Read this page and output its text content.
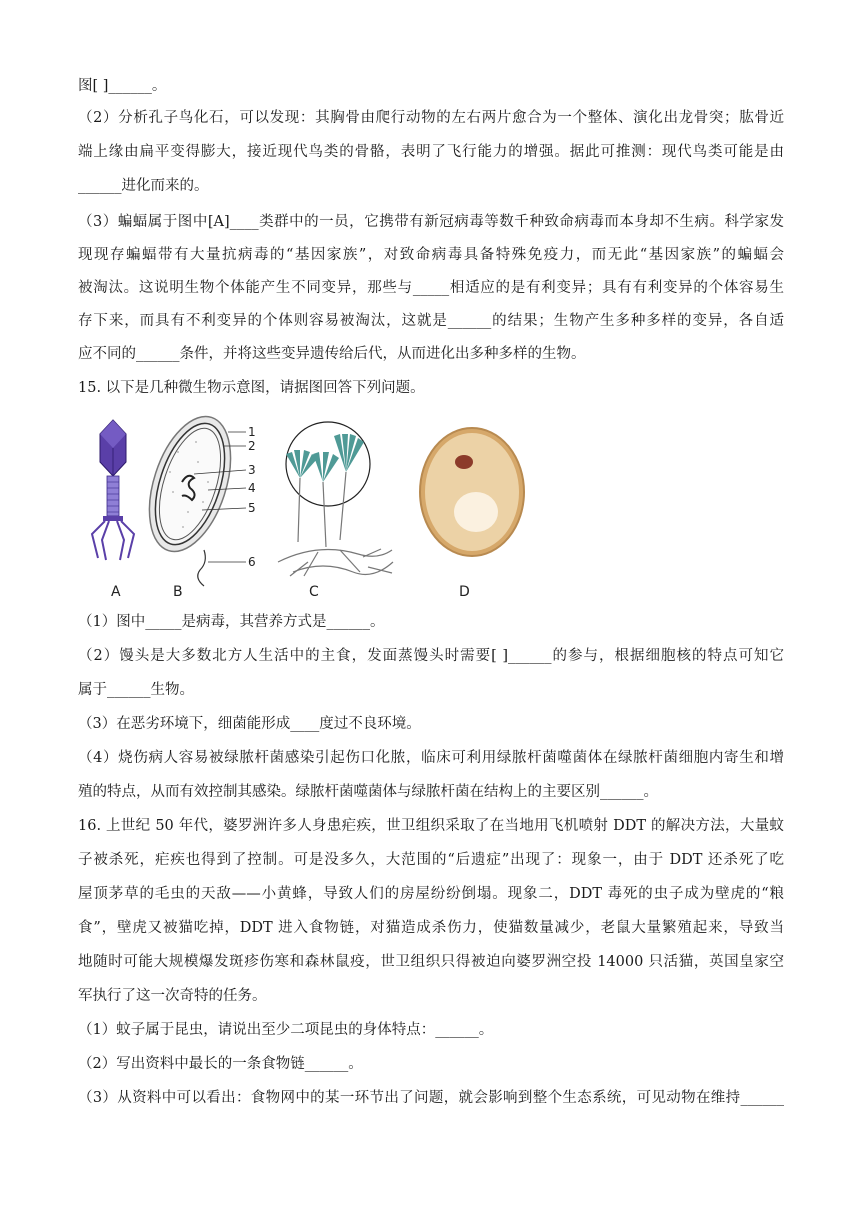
图[ ]______。
（2）分析孔子鸟化石，可以发现：其胸骨由爬行动物的左右两片愈合为一个整体、演化出龙骨突；肱骨近
端上缘由扁平变得膨大，接近现代鸟类的骨骼，表明了飞行能力的增强。据此可推测：现代鸟类可能是由
______进化而来的。
（3）蝙蝠属于图中[A]____类群中的一员，它携带有新冠病毒等数千种致命病毒而本身却不生病。科学家发
现现存蝙蝠带有大量抗病毒的“基因家族”，对致命病毒具备特殊免疫力，而无此“基因家族”的蝙蝠会
被淘汰。这说明生物个体能产生不同变异，那些与_____相适应的是有利变异；具有有利变异的个体容易生
存下来，而具有不利变异的个体则容易被淘汰，这就是______的结果；生物产生多种多样的变异，各自适
应不同的______条件，并将这些变异遗传给后代，从而进化出多种多样的生物。
15. 以下是几种微生物示意图，请据图回答下列问题。
1
2
3
4
5
6
A	B	C	D
（1）图中_____是病毒，其营养方式是______。
（2）馒头是大多数北方人生活中的主食，发面蒸馒头时需要[ ]______的参与，根据细胞核的特点可知它
属于______生物。
（3）在恶劣环境下，细菌能形成____度过不良环境。
（4）烧伤病人容易被绿脓杆菌感染引起伤口化脓，临床可利用绿脓杆菌噬菌体在绿脓杆菌细胞内寄生和增
殖的特点，从而有效控制其感染。绿脓杆菌噬菌体与绿脓杆菌在结构上的主要区别______。
16. 上世纪 50 年代，婆罗洲许多人身患疟疾，世卫组织采取了在当地用飞机喷射 DDT 的解决方法，大量蚊
子被杀死，疟疾也得到了控制。可是没多久，大范围的“后遗症”出现了：现象一，由于 DDT 还杀死了吃
屋顶茅草的毛虫的天敌——小黄蜂，导致人们的房屋纷纷倒塌。现象二，DDT 毒死的虫子成为壁虎的“粮
食”，壁虎又被猫吃掉，DDT 进入食物链，对猫造成杀伤力，使猫数量减少，老鼠大量繁殖起来，导致当
地随时可能大规模爆发斑疹伤寒和森林鼠疫，世卫组织只得被迫向婆罗洲空投 14000 只活猫，英国皇家空
军执行了这一次奇特的任务。
（1）蚊子属于昆虫，请说出至少二项昆虫的身体特点：______。
（2）写出资料中最长的一条食物链______。
（3）从资料中可以看出：食物网中的某一环节出了问题，就会影响到整个生态系统，可见动物在维持______
